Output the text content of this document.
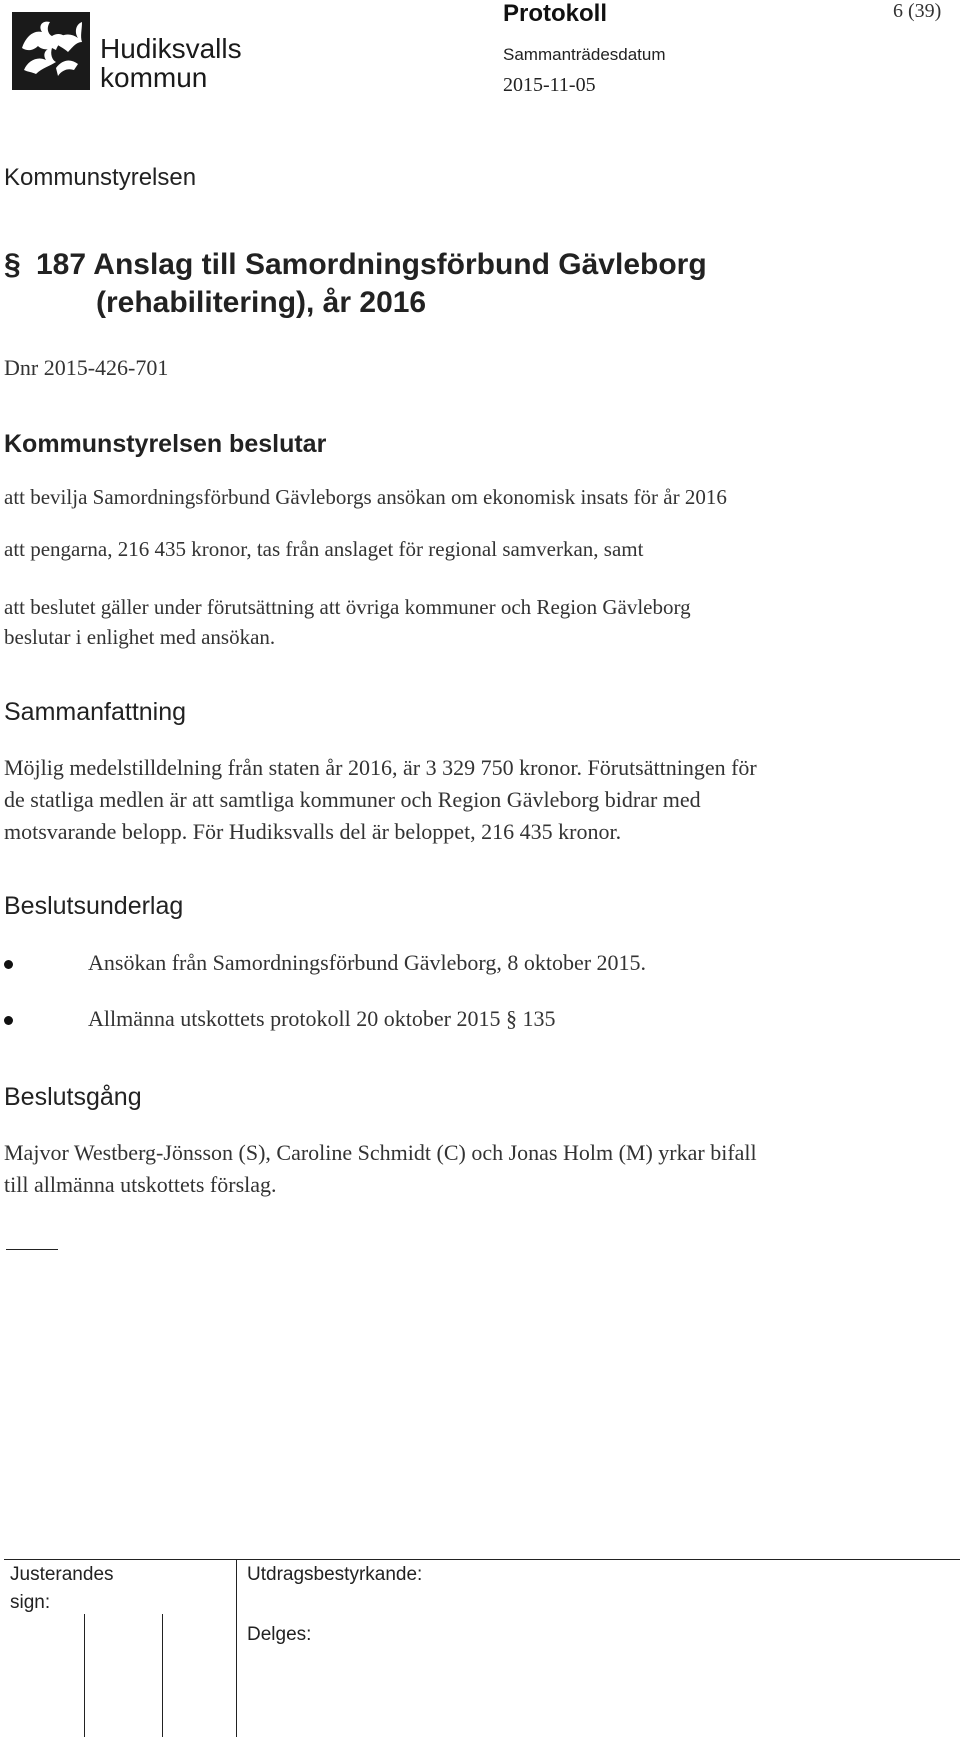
Hudiksvalls
kommun
Protokoll	6 (39)
Sammanträdesdatum
2015-11-05
Kommunstyrelsen
§ 187 Anslag till Samordningsförbund Gävleborg
(rehabilitering), år 2016
Dnr 2015-426-701
Kommunstyrelsen beslutar
att bevilja Samordningsförbund Gävleborgs ansökan om ekonomisk insats för år 2016
att pengarna, 216 435 kronor, tas från anslaget för regional samverkan, samt
att beslutet gäller under förutsättning att övriga kommuner och Region Gävleborg
beslutar i enlighet med ansökan.
Sammanfattning
Möjlig medelstilldelning från staten år 2016, är 3 329 750 kronor. Förutsättningen för
de statliga medlen är att samtliga kommuner och Region Gävleborg bidrar med
motsvarande belopp. För Hudiksvalls del är beloppet, 216 435 kronor.
Beslutsunderlag
Ansökan från Samordningsförbund Gävleborg, 8 oktober 2015.
Allmänna utskottets protokoll 20 oktober 2015 § 135
Beslutsgång
Majvor Westberg-Jönsson (S), Caroline Schmidt (C) och Jonas Holm (M) yrkar bifall
till allmänna utskottets förslag.
Justerandes
sign:
Utdragsbestyrkande:
Delges:
